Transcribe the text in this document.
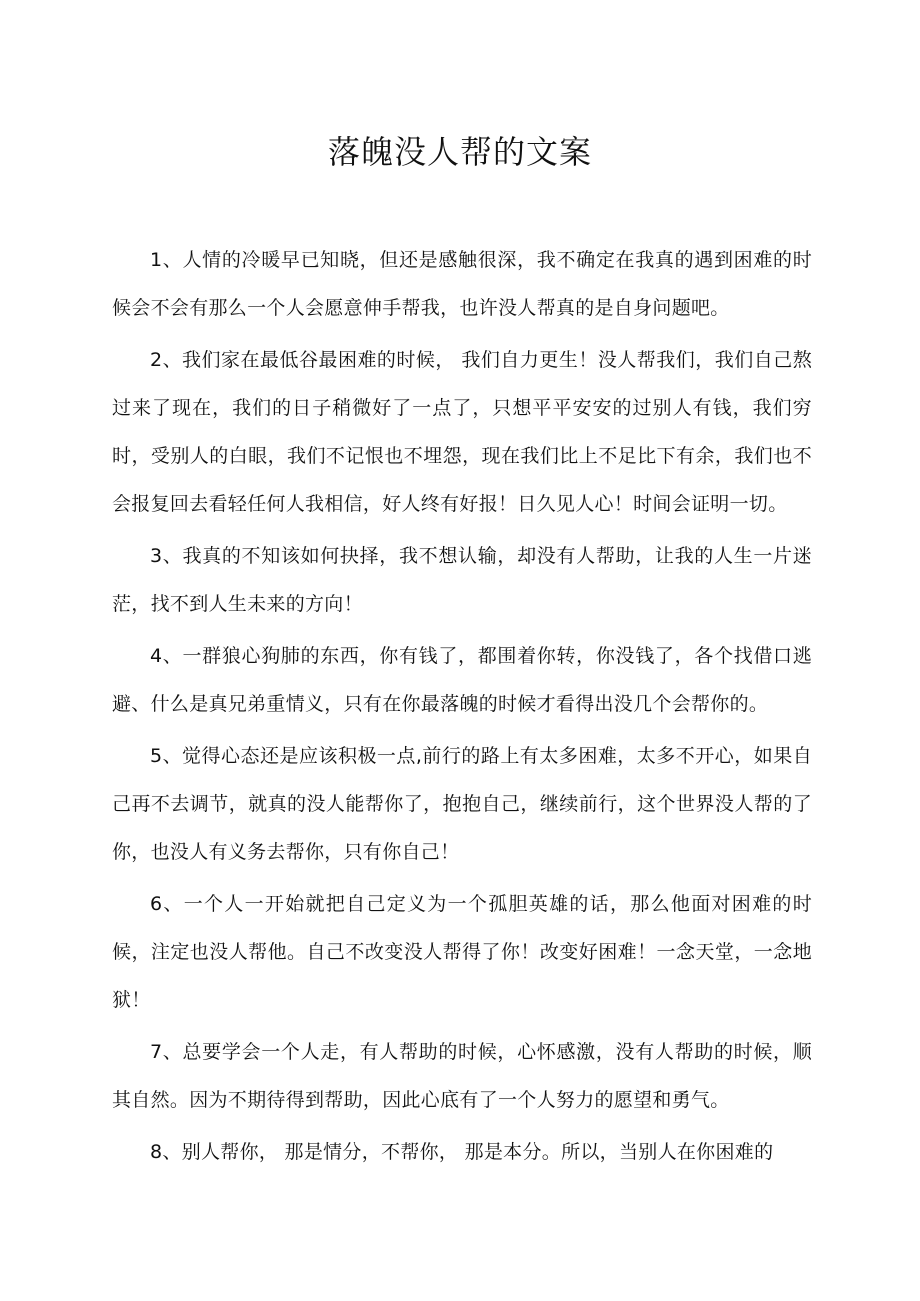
落魄没人帮的文案

1、人情的冷暖早已知晓，但还是感触很深，我不确定在我真的遇到困难的时候会不会有那么一个人会愿意伸手帮我，也许没人帮真的是自身问题吧。

2、我们家在最低谷最困难的时候， 我们自力更生！没人帮我们，我们自己熬过来了现在，我们的日子稍微好了一点了，只想平平安安的过别人有钱，我们穷时，受别人的白眼，我们不记恨也不埋怨，现在我们比上不足比下有余，我们也不会报复回去看轻任何人我相信，好人终有好报！日久见人心！时间会证明一切。

3、我真的不知该如何抉择，我不想认输，却没有人帮助，让我的人生一片迷茫，找不到人生未来的方向！

4、一群狼心狗肺的东西，你有钱了，都围着你转，你没钱了，各个找借口逃避、什么是真兄弟重情义，只有在你最落魄的时候才看得出没几个会帮你的。

5、觉得心态还是应该积极一点,前行的路上有太多困难，太多不开心，如果自己再不去调节，就真的没人能帮你了，抱抱自己，继续前行，这个世界没人帮的了你，也没人有义务去帮你，只有你自己！

6、一个人一开始就把自己定义为一个孤胆英雄的话，那么他面对困难的时候，注定也没人帮他。自己不改变没人帮得了你！改变好困难！一念天堂，一念地狱！

7、总要学会一个人走，有人帮助的时候，心怀感激，没有人帮助的时候，顺其自然。因为不期待得到帮助，因此心底有了一个人努力的愿望和勇气。

8、别人帮你， 那是情分，不帮你， 那是本分。所以，当别人在你困难的
